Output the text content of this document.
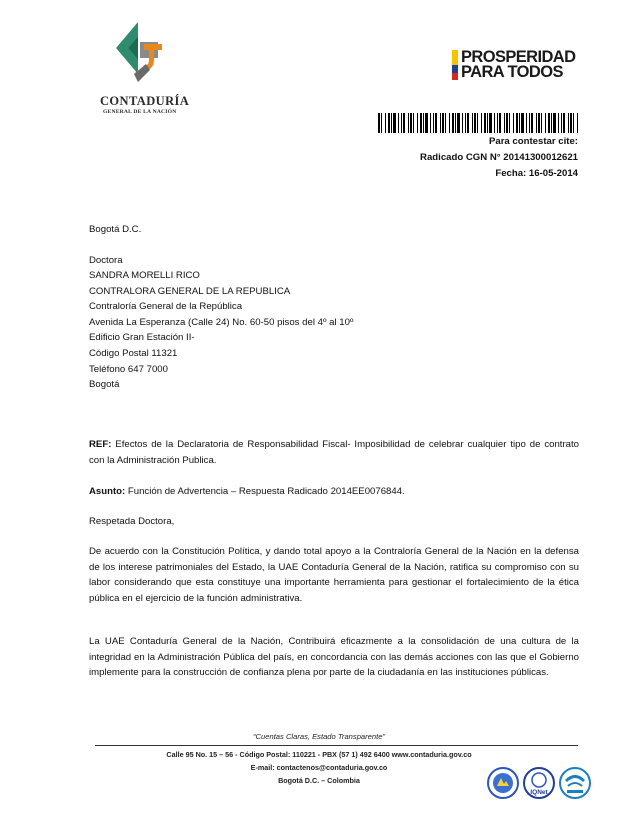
CONTADURÍA
GENERAL DE LA NACIÓN
PROSPERIDAD
PARA TODOS
Para contestar cite:
Radicado CGN N° 20141300012621
Fecha: 16-05-2014
Bogotá D.C.
Doctora
SANDRA MORELLI RICO
CONTRALORA GENERAL DE LA REPUBLICA
Contraloría General de la República
Avenida La Esperanza (Calle 24) No. 60-50 pisos del 4º al 10º
Edificio Gran Estación II-
Código Postal 11321
Teléfono 647 7000
Bogotá
REF: Efectos de la Declaratoria de Responsabilidad Fiscal- Imposibilidad de celebrar cualquier tipo de contrato con la Administración Publica.
Asunto: Función de Advertencia – Respuesta Radicado 2014EE0076844.
Respetada Doctora,
De acuerdo con la Constitución Política, y dando total apoyo a la Contraloría General de la Nación en la defensa de los interese patrimoniales del Estado, la UAE Contaduría General de la Nación, ratifica su compromiso con su labor considerando que esta constituye una importante herramienta para gestionar el fortalecimiento de la ética pública en el ejercicio de la función administrativa.
La UAE Contaduría General de la Nación, Contribuirá eficazmente a la consolidación de una cultura de la integridad en la Administración Pública del país, en concordancia con las demás acciones con las que el Gobierno implemente para la construcción de confianza plena por parte de la ciudadanía en las instituciones públicas.
“Cuentas Claras, Estado Transparente”
Calle 95 No. 15 – 56 - Código Postal: 110221 - PBX (57 1) 492 6400 www.contaduria.gov.co
E-mail: contactenos@contaduria.gov.co
Bogotá D.C. – Colombia
IQNet
